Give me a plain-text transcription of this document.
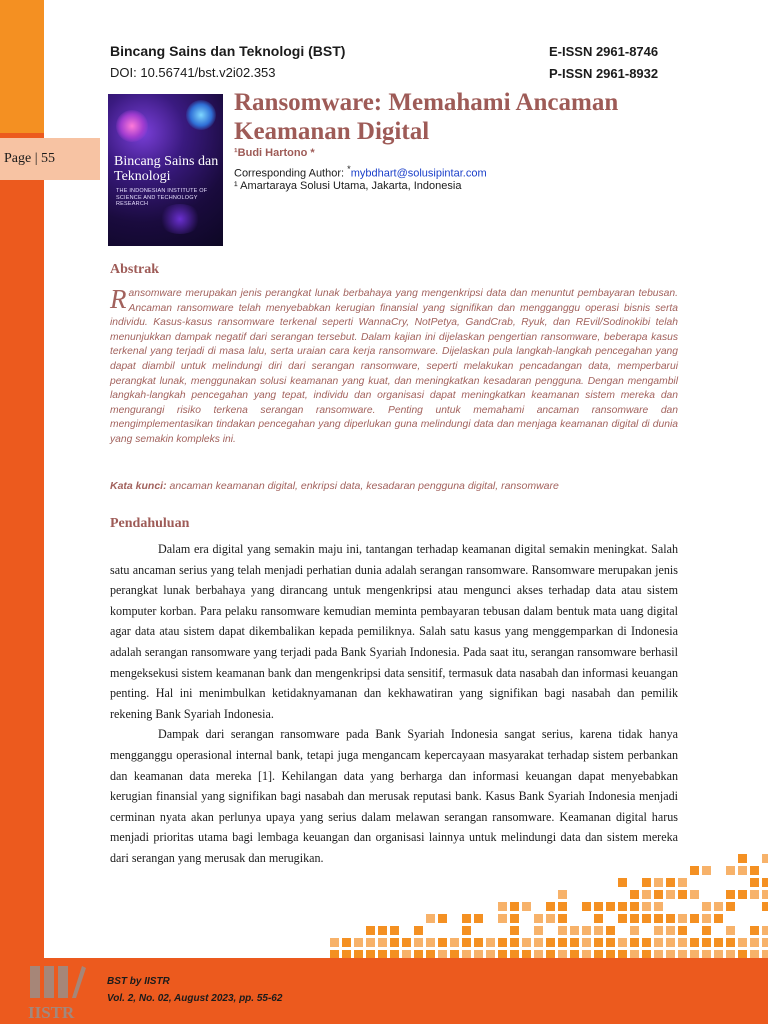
Page | 55
Bincang Sains dan Teknologi (BST)
DOI: 10.56741/bst.v2i02.353
E-ISSN 2961-8746
P-ISSN 2961-8932
Bincang Sains dan Teknologi
THE INDONESIAN INSTITUTE OF SCIENCE AND TECHNOLOGY RESEARCH
Ransomware: Memahami Ancaman Keamanan Digital
¹Budi Hartono *
Corresponding Author: *mybdhart@solusipintar.com
¹ Amartaraya Solusi Utama, Jakarta, Indonesia
Abstrak

Ransomware merupakan jenis perangkat lunak berbahaya yang mengenkripsi data dan menuntut pembayaran tebusan. Ancaman ransomware telah menyebabkan kerugian finansial yang signifikan dan mengganggu operasi bisnis serta individu. Kasus-kasus ransomware terkenal seperti WannaCry, NotPetya, GandCrab, Ryuk, dan REvil/Sodinokibi telah menunjukkan dampak negatif dari serangan tersebut. Dalam kajian ini dijelaskan pengertian ransomware, beberapa kasus terkenal yang terjadi di masa lalu, serta uraian cara kerja ransomware. Dijelaskan pula langkah-langkah pencegahan yang dapat diambil untuk melindungi diri dari serangan ransomware, seperti melakukan pencadangan data, memperbarui perangkat lunak, menggunakan solusi keamanan yang kuat, dan meningkatkan kesadaran pengguna. Dengan mengambil langkah-langkah pencegahan yang tepat, individu dan organisasi dapat meningkatkan keamanan sistem mereka dan mengurangi risiko terkena serangan ransomware. Penting untuk memahami ancaman ransomware dan mengimplementasikan tindakan pencegahan yang diperlukan guna melindungi data dan menjaga keamanan digital di dunia yang semakin kompleks ini.

Kata kunci: ancaman keamanan digital, enkripsi data, kesadaran pengguna digital, ransomware
Pendahuluan

Dalam era digital yang semakin maju ini, tantangan terhadap keamanan digital semakin meningkat. Salah satu ancaman serius yang telah menjadi perhatian dunia adalah serangan ransomware. Ransomware merupakan jenis perangkat lunak berbahaya yang dirancang untuk mengenkripsi atau mengunci akses terhadap data atau sistem komputer korban. Para pelaku ransomware kemudian meminta pembayaran tebusan dalam bentuk mata uang digital agar data atau sistem dapat dikembalikan kepada pemiliknya. Salah satu kasus yang menggemparkan di Indonesia adalah serangan ransomware yang terjadi pada Bank Syariah Indonesia. Pada saat itu, serangan ransomware berhasil mengeksekusi sistem keamanan bank dan mengenkripsi data sensitif, termasuk data nasabah dan informasi keuangan penting. Hal ini menimbulkan ketidaknyamanan dan kekhawatiran yang signifikan bagi nasabah dan pemilik rekening Bank Syariah Indonesia.

Dampak dari serangan ransomware pada Bank Syariah Indonesia sangat serius, karena tidak hanya mengganggu operasional internal bank, tetapi juga mengancam kepercayaan masyarakat terhadap sistem perbankan dan keamanan data mereka [1]. Kehilangan data yang berharga dan informasi keuangan dapat menyebabkan kerugian finansial yang signifikan bagi nasabah dan merusak reputasi bank. Kasus Bank Syariah Indonesia menjadi cerminan nyata akan perlunya upaya yang serius dalam melawan serangan ransomware. Keamanan digital harus menjadi prioritas utama bagi lembaga keuangan dan organisasi lainnya untuk melindungi data dan sistem mereka dari serangan yang merusak dan merugikan.

IISTR
BST by IISTR
Vol. 2, No. 02, August 2023, pp. 55-62
